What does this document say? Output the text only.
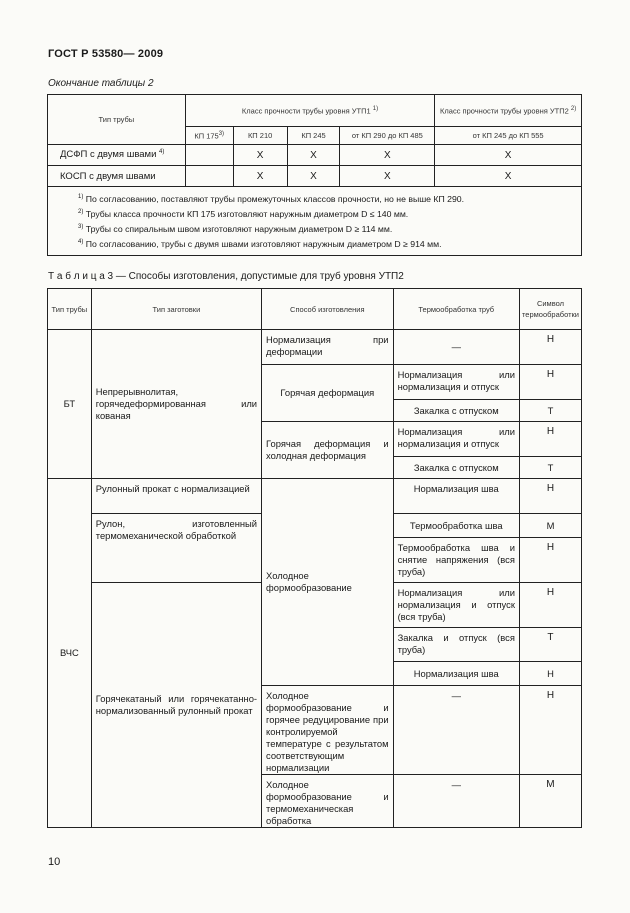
ГОСТ Р 53580— 2009
Окончание таблицы 2
Тип трубы	Класс прочности трубы уровня УТП1 $^{1)}$				Класс прочности трубы уровня УТП2 $^{2)}$
	КП 175$^{3)}$	КП 210	КП 245	от КП 290 до КП 485	от КП 245 до КП 555
ДСФП с двумя швами $^{4)}$		X	X	X	X
КОСП с двумя швами		X	X	X	X

$^{1)}$ По согласованию, поставляют трубы промежуточных классов прочности, но не выше КП 290.
$^{2)}$ Трубы класса прочности КП 175 изготовляют наружным диаметром D ≤ 140 мм.
$^{3)}$ Трубы со спиральным швом изготовляют наружным диаметром D ≥ 114 мм.
$^{4)}$ По согласованию, трубы с двумя швами изготовляют наружным диаметром D ≥ 914 мм.					
Т а б л и ц а 3 — Способы изготовления, допустимые для труб уровня УТП2
Тип трубы	Тип заготовки	Способ изготовления	Термообработка труб	Символ термообработки
БТ	Непрерывнолитая, горячедеформированная или кованая	Нормализация при деформации	—	Н
		Горячая деформация	Нормализация или нормализация и отпуск	Н
			Закалка с отпуском	Т
		Горячая деформация и холодная деформация	Нормализация или нормализация и отпуск	Н
			Закалка с отпуском	Т
ВЧС	Рулонный прокат с нормализацией	Холодное формообразование	Нормализация шва	Н
	Рулон, изготовленный термомеханической обработкой		Термообработка шва	М
			Термообработка шва и снятие напряжения (вся труба)	Н
	Горячекатаный или горячекатанно-нормализованный рулонный прокат		Нормализация или нормализация и отпуск (вся труба)	Н
			Закалка и отпуск (вся труба)	Т
			Нормализация шва	Н
		Холодное формообразование и горячее редуцирование при контролируемой температуре с результатом соответствующим нормализации	—	Н
		Холодное формообразование и термомеханическая обработка	—	М
10
